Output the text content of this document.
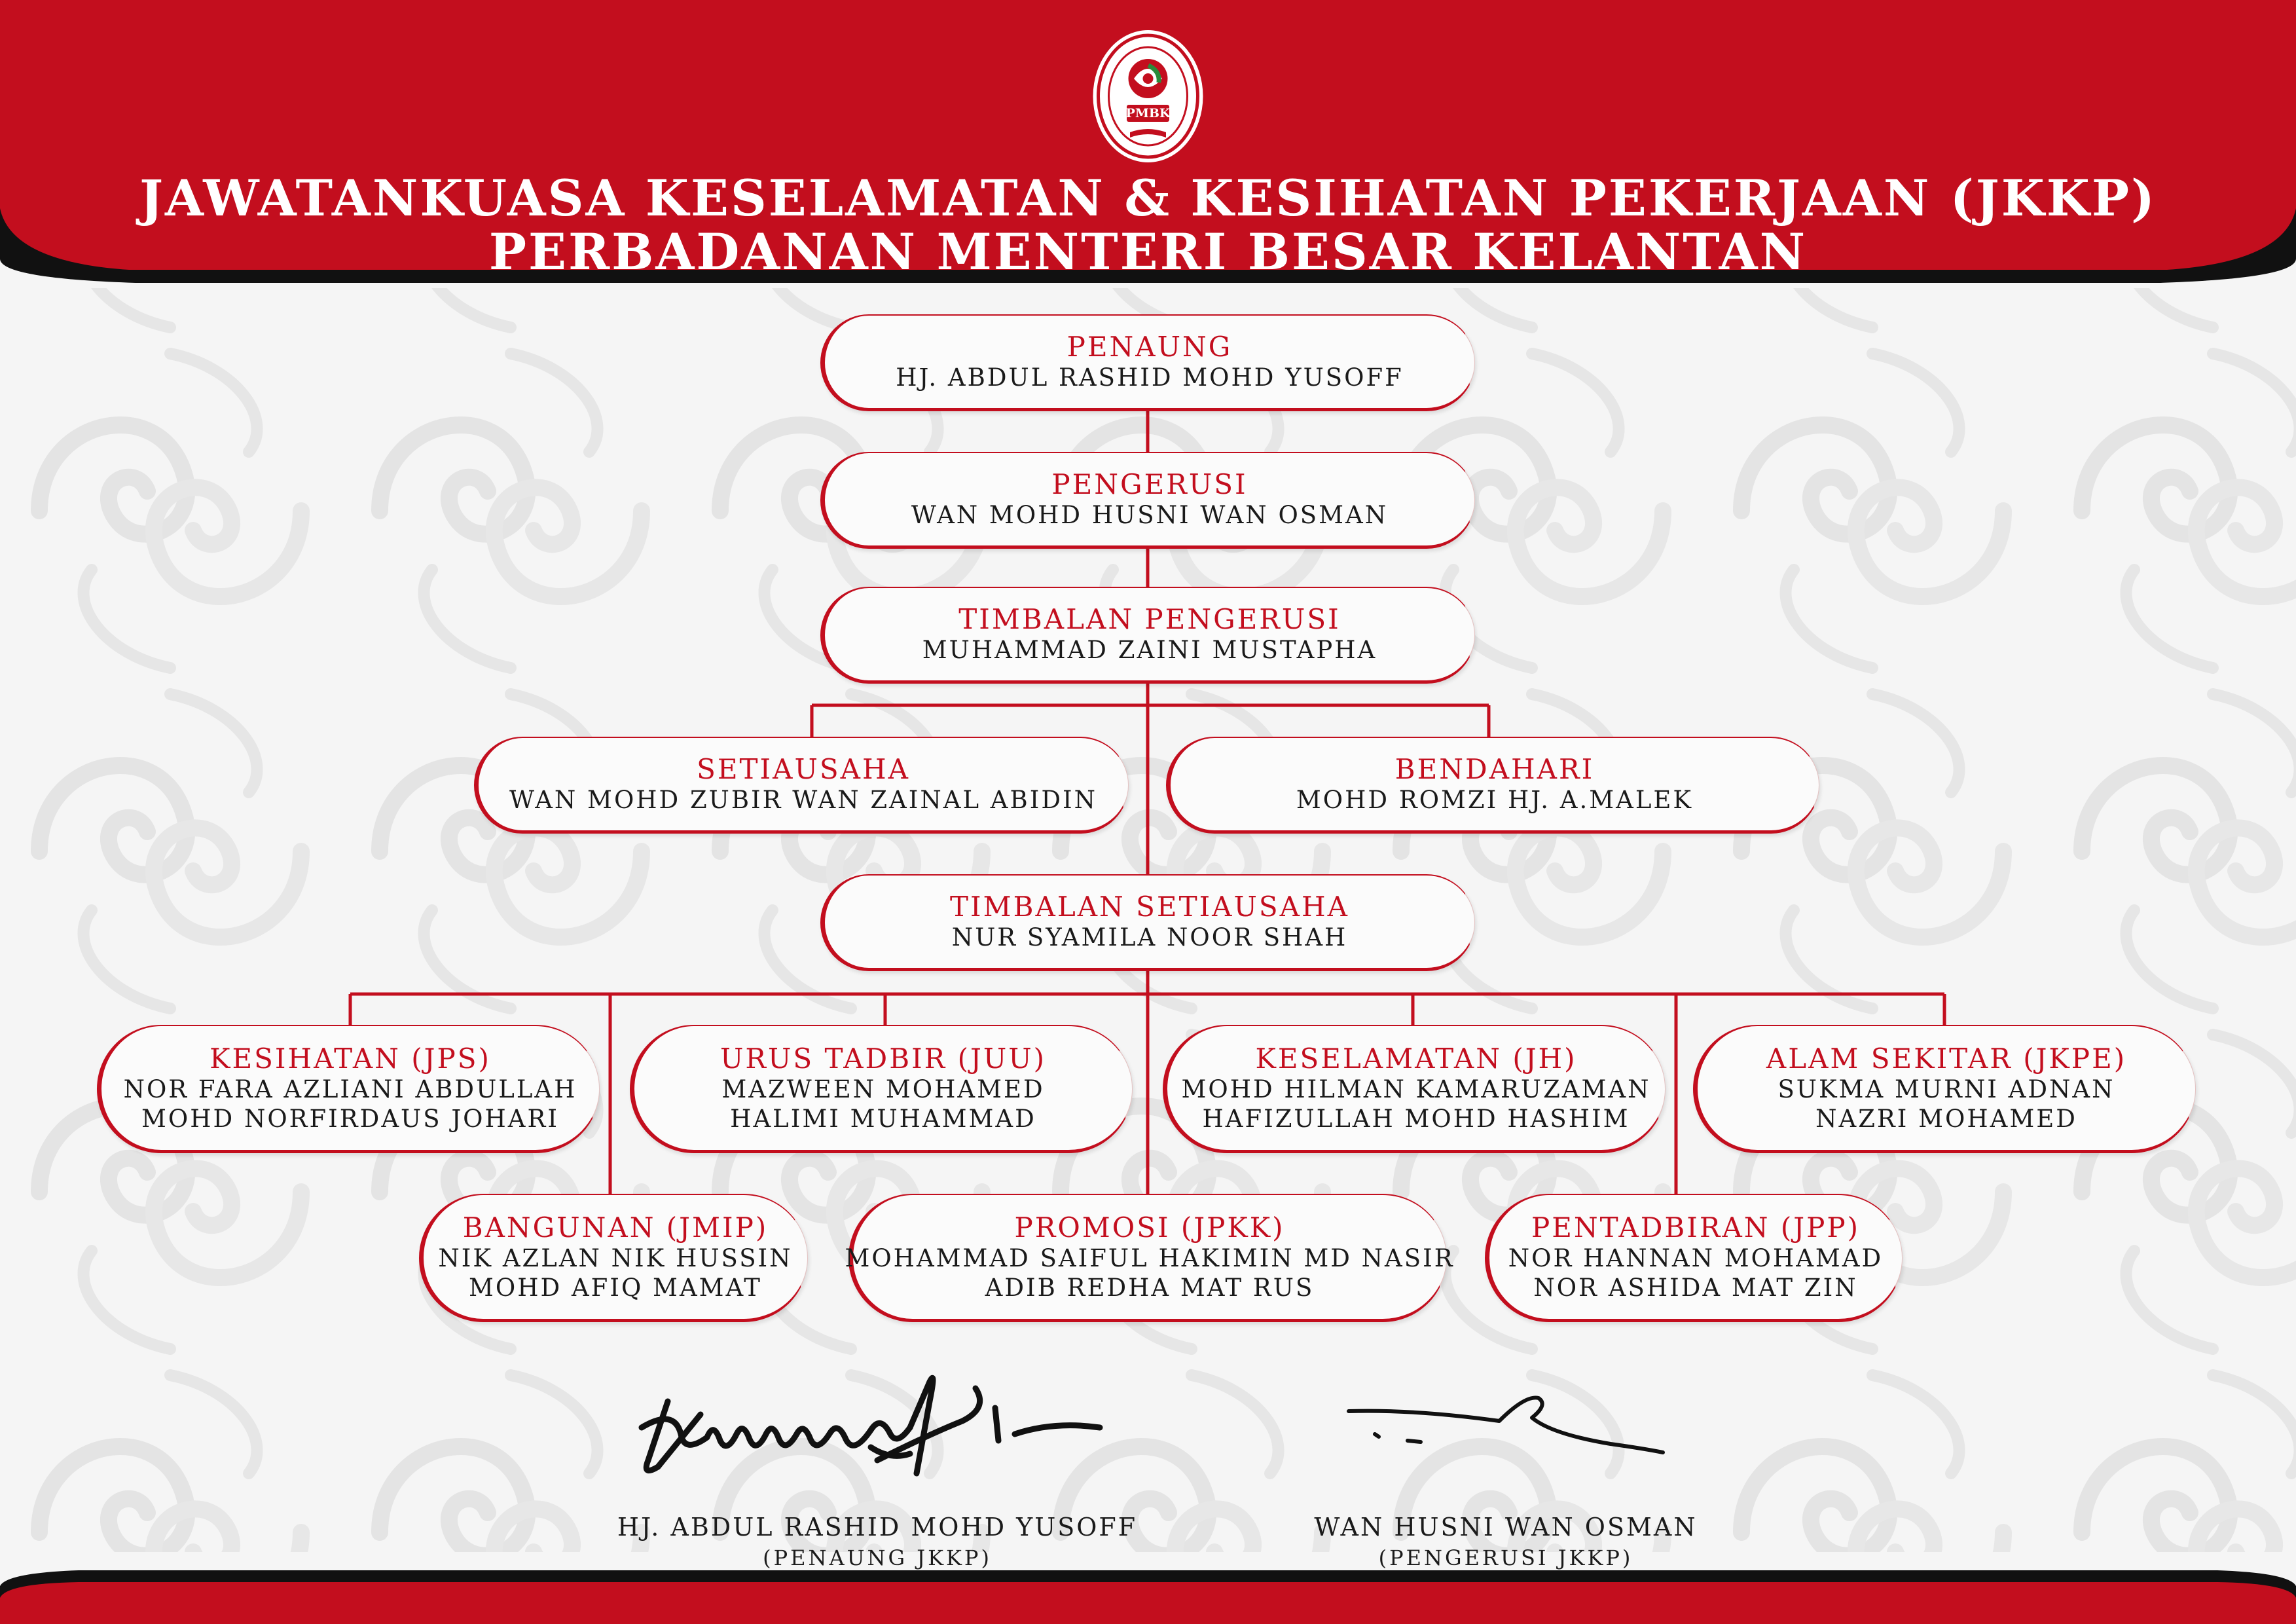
PMBK
JAWATANKUASA KESELAMATAN & KESIHATAN PEKERJAAN (JKKP)
PERBADANAN MENTERI BESAR KELANTAN
PENAUNG
HJ. ABDUL RASHID MOHD YUSOFF
PENGERUSI
WAN MOHD HUSNI WAN OSMAN
TIMBALAN PENGERUSI
MUHAMMAD ZAINI MUSTAPHA
SETIAUSAHA
WAN MOHD ZUBIR WAN ZAINAL ABIDIN
BENDAHARI
MOHD ROMZI HJ. A.MALEK
TIMBALAN SETIAUSAHA
NUR SYAMILA NOOR SHAH
KESIHATAN (JPS)
NOR FARA AZLIANI ABDULLAH
MOHD NORFIRDAUS JOHARI
URUS TADBIR (JUU)
MAZWEEN MOHAMED
HALIMI MUHAMMAD
KESELAMATAN (JH)
MOHD HILMAN KAMARUZAMAN
HAFIZULLAH MOHD HASHIM
ALAM SEKITAR (JKPE)
SUKMA MURNI ADNAN
NAZRI MOHAMED
BANGUNAN (JMIP)
NIK AZLAN NIK HUSSIN
MOHD AFIQ MAMAT
PROMOSI (JPKK)
MOHAMMAD SAIFUL HAKIMIN MD NASIR
ADIB REDHA MAT RUS
PENTADBIRAN (JPP)
NOR HANNAN MOHAMAD
NOR ASHIDA MAT ZIN
HJ. ABDUL RASHID MOHD YUSOFF
(PENAUNG JKKP)
WAN HUSNI WAN OSMAN
(PENGERUSI JKKP)
